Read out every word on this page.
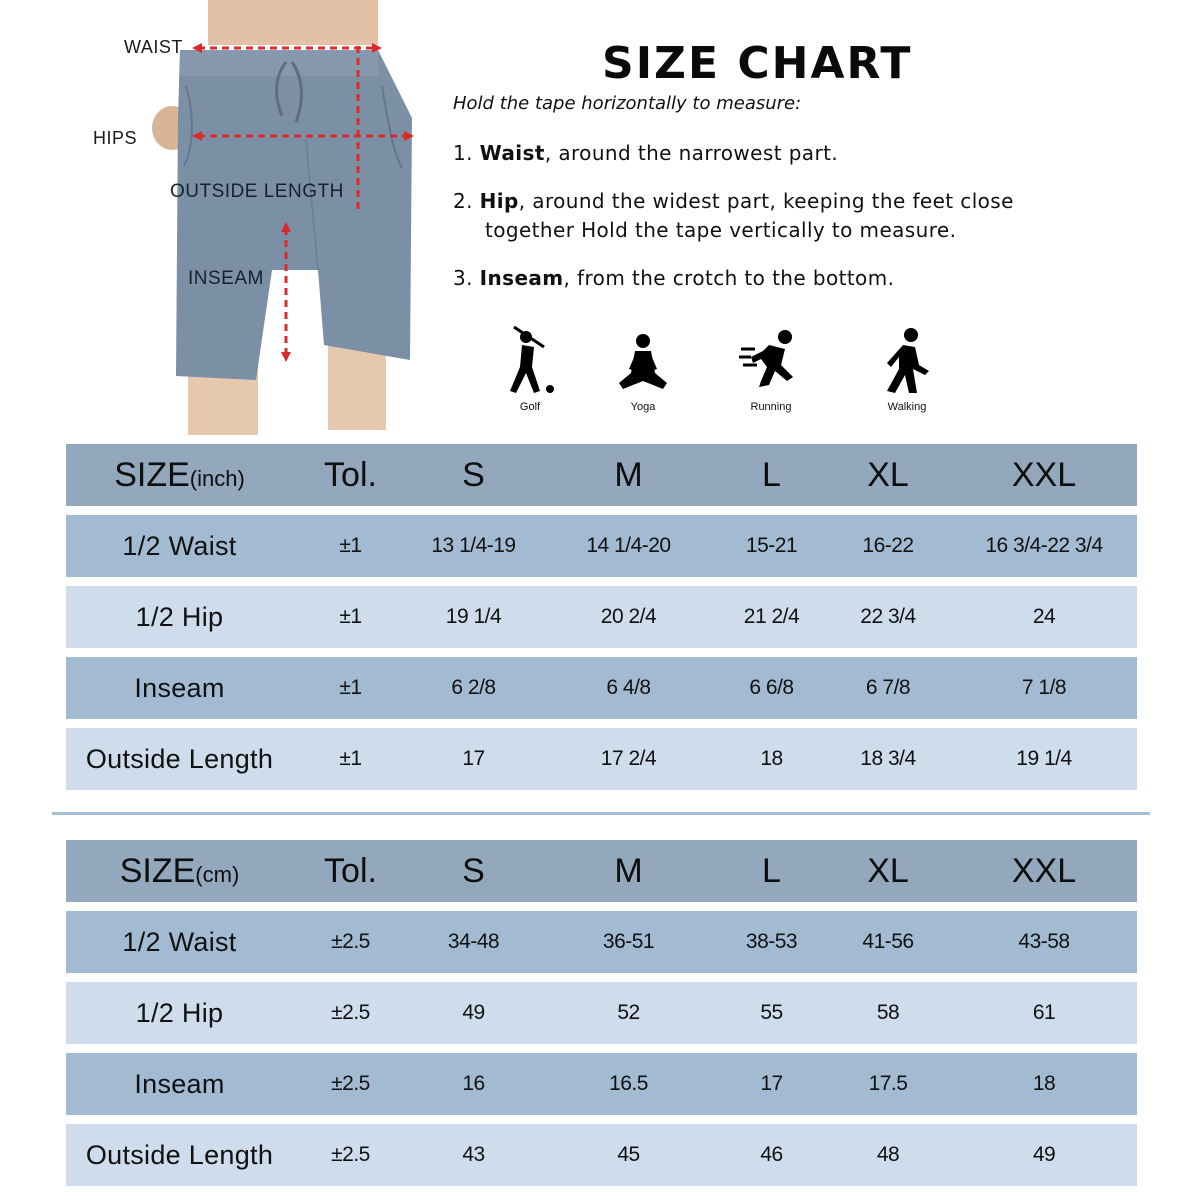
WAIST
HIPS
OUTSIDE LENGTH
INSEAM
SIZE CHART
Hold the tape horizontally to measure:
1. Waist, around the narrowest part.
2. Hip, around the widest part, keeping the feet close
together Hold the tape vertically to measure.
3. Inseam, from the crotch to the bottom.
Golf	Yoga	Running	Walking
SIZE(inch)	Tol.	S	M	L	XL	XXL
1/2 Waist	±1	13 1/4-19	14 1/4-20	15-21	16-22	16 3/4-22 3/4
1/2 Hip	±1	19 1/4	20 2/4	21 2/4	22 3/4	24
Inseam	±1	6 2/8	6 4/8	6 6/8	6 7/8	7 1/8
Outside Length	±1	17	17 2/4	18	18 3/4	19 1/4
SIZE(cm)	Tol.	S	M	L	XL	XXL
1/2 Waist	±2.5	34-48	36-51	38-53	41-56	43-58
1/2 Hip	±2.5	49	52	55	58	61
Inseam	±2.5	16	16.5	17	17.5	18
Outside Length	±2.5	43	45	46	48	49
